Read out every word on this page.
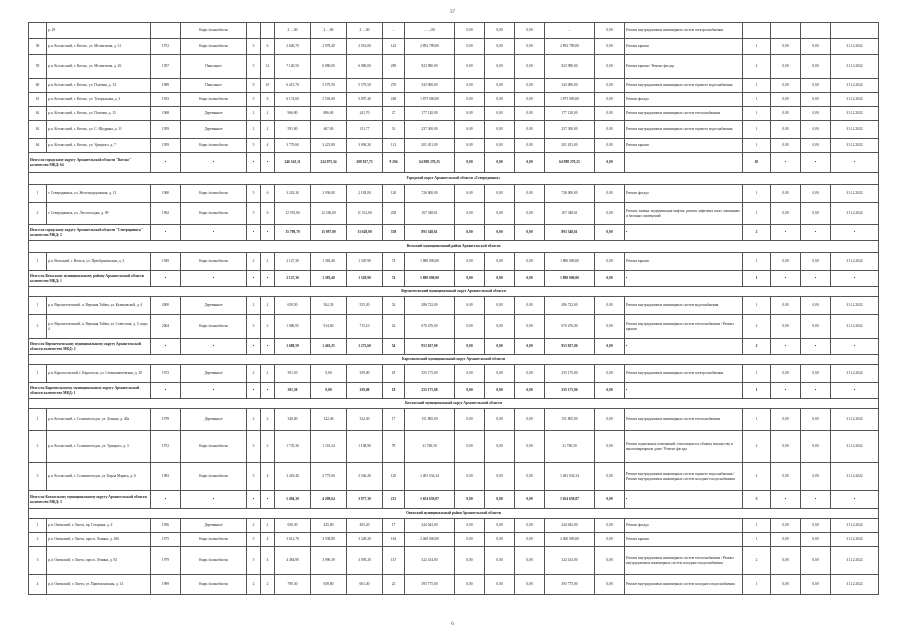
37
	р. 29		Кирп./шлакоблочн			2 ...,00	2 ...,00	2 ...,00	...	... ...,00	0,00	0,00	0,00	...	0,00	Ремонт внутридомовых инженерных систем электроснабжения				
58	р.п. Котласский, г. Котлас, ул. Мелентьева, д. 31	1972	Кирп./шлакоблочн	3	6	2 640,70	2 078,40	2 016,00	142	2 892 789,00	0,00	0,00	0,00	2 892 789,00	0,00	Ремонт крыши	1	0,00	0,00	31.12.2022
59	р.п. Котласский, г. Котлас, ул. Мелентьева, д. 26	1957	Панельное	5	12	7 140,50	6 080,00	6 080,00	289	923 980,00	0,00	0,00	0,00	923 980,00	0,00	Ремонт крыши / Ремонт фасада	2	0,00	0,00	31.12.2022
60	р.п. Котласский, г. Котлас, ул. Полевая, д. 14	1989	Панельное	9	10	6 415,70	5 579,50	5 579,50	270	343 000,00	0,00	0,00	0,00	343 000,00	0,00	Ремонт внутридомовых инженерных систем горячего водоснабжения	1	0,00	0,00	31.12.2022
61	р.п. Котласский, г. Котлас, ул. Театральная, д. 3	1953	Кирп./шлакоблочн	5	6	6 174,60	5 503,60	5 097,40	248	1 875 000,00	0,00	0,00	0,00	1 875 000,00	0,00	Ремонт фасада	1	0,00	0,00	31.12.2022
62	р.п. Котласский, г. Котлас, ул. Полевая, д. 15	1968	Деревянное	2	2	966,80	886,00	241,70	27	177 120,00	0,00	0,00	0,00	177 120,00	0,00	Ремонт внутридомовых инженерных систем теплоснабжения	1	0,00	0,00	31.12.2022
63	р.п. Котласский, г. Котлас, ул. С.-Щедрина, д. 11	1959	Деревянное	2	2	591,00	467,00	311,77	31	237 300,00	0,00	0,00	0,00	237 300,00	0,00	Ремонт внутридомовых инженерных систем горячего водоснабжения	1	0,00	0,00	31.12.2022
64	р.п. Котласский, г. Котлас, ул. Урицкого, д. 7	1959	Кирп./шлакоблочн	5	4	3 770,60	3 223,80	3 094,30	113	201 451,00	0,00	0,00	0,00	201 451,00	0,00	Ремонт крыши	1	0,00	0,00	31.12.2022
Итого по городскому округу Архангельской области "Котлас" количество МКД: 64		•	•	•	•	246 543,11	224 975,34	208 817,73	9 294	64 998 270,25	0,00	0,00	0,00	64 998 270,25	0,00		65	•	•	•
Городской округ Архангельской области «Северодвинск»																				
1	г. Северодвинск, ул. Железнодорожная, д. 13	1960	Кирп./шлакоблочн	5	6	3 243,30	2 936,00	2 182,00	120	726 000,00	0,00	0,00	0,00	726 000,00	0,00	Ремонт фасада	1	0,00	0,00	31.12.2022
2	г. Северодвинск, ул. Лесопосадки, д. 89	1962	Кирп./шлакоблочн	5	6	12 555,80	12 166,00	11 512,00	438	167 348,61	0,00	0,00	0,00	167 348,61	0,00	Ремонт, замена, модернизация лифтов, ремонт лифтовых шахт, машинных и блочных помещений	1	0,00	0,00	31.12.2022
Итого по городскому округу Архангельской области "Северодвинск" количество МКД: 2		•	•	•	•	15 798,70	15 097,00	13 628,00	558	893 348,61	0,00	0,00	0,00	893 348,61	0,00	•	2	•	•	•
Вельский муниципальный район Архангельской области																				
1	р.п. Вельский, г. Вельск, ул. Преображенская, д. 3	1949	Кирп./шлакоблочн	2	2	2 127,30	1 383,40	1 329,90	74	1 880 000,00	0,00	0,00	0,00	1 880 000,00	0,00	Ремонт крыши	1	0,00	0,00	31.12.2022
Итого по Вельскому муниципальному району Архангельской области количество МКД: 1		•	•	•	•	2 127,30	1 383,40	1 329,90	74	1 880 000,00	0,00	0,00	0,00	1 880 000,00	0,00	•	1	•	•	•
Верхнетоемский муниципальный округ Архангельской области																				
1	р.п. Верхнетоемский, п. Верхняя Тойма, ул. Куликовской, д. 4	2000	Деревянное	2	2	658,50	562,30	555,20	32	286 722,00	0,00	0,00	0,00	286 722,00	0,00	Ремонт внутридомовых инженерных систем водоснабжения	1	0,00	0,00	31.12.2022
2	р.п. Верхнетоемский, п. Верхняя Тойма, ул. Советская, д. 5, корп. 4	2004	Кирп./шлакоблочн	3	2	1 086,95	914,60	715,10	42	670 476,00	0,00	0,00	0,00	670 476,00	0,00	Ремонт внутридомовых инженерных систем теплоснабжения / Ремонт крыши	2	0,00	0,00	31.12.2022
Итого по Верхнетоемскому муниципальному округу Архангельской области количество МКД: 2		•	•	•	•	1 688,59	1 463,25	1 272,60	54	953 027,00	0,00	0,00	0,00	953 027,00	0,00	•	2	•	•	•
Каргопольский муниципальный округ Архангельской области																				
1	р.п. Каргопольский, г. Каргополь, ул. Семыгиничевская, д. 20	1972	Деревянное	2	2	391,50	0,00	359,00	18	255 175,00	0,00	0,00	0,00	255 175,00	0,00	Ремонт внутридомовых инженерных систем электроснабжения	1	0,00	0,00	31.12.2022
Итого по Каргопольскому муниципальному округу Архангельской области количество МКД: 1		•	•	•	•	391,50	0,00	359,00	18	255 175,00	0,00	0,00	0,00	255 175,00	0,00	•	1	•	•	•
Котласский муниципальный округ Архангельской области																				
1	р.п. Котласский, г. Сольвычегодск, ул. Ленина, д. 40а	1978	Деревянное	2	2	340,00	322,40	322,30	17	151 865,00	0,00	0,00	0,00	151 865,00	0,00	Ремонт внутридомовых инженерных систем теплоснабжения	1	0,00	0,00	31.12.2022
2	р.п. Котласский, г. Сольвычегодск, ул. Урицкого, д. 3	1972	Кирп./шлакоблочн	3	2	1 735,30	1 110,24	1 108,90	78	21 760,50	0,00	0,00	0,00	21 760,50	0,00	Ремонт подвальных помещений, относящихся к общему имуществу в многоквартирном доме / Ремонт фасада	2	0,00	0,00	31.12.2022
3	р.п. Котласский, г. Сольвычегодск, ул. Карла Маркса, д. 6	1983	Кирп./шлакоблочн	5	4	3 418,40	2 775,00	2 546,20	120	1 481 034,34	0,00	0,00	0,00	1 481 034,34	0,00	Ремонт внутридомовых инженерных систем горячего водоснабжения / Ремонт внутридомовых инженерных систем холодного водоснабжения	2	0,00	0,00	31.12.2022
Итого по Котласскому муниципальному округу Архангельской области количество МКД: 3		•	•	•	•	5 494,39	4 208,64	3 977,30	215	1 654 659,87	0,00	0,00	0,00	1 654 659,87	0,00	•	5	•	•	•
Онежский муниципальный район Архангельской области																				
1	р.п. Онежский, г. Онега, пр. Гагарина, д. 4	1956	Деревянное	2	2	650,30	425,80	405,20	17	244 043,00	0,00	0,00	0,00	244 043,00	0,00	Ремонт фасада	1	0,00	0,00	31.12.2022
2	р.п. Онежский, г. Онега, просп. Ленина, д. 186	1975	Кирп./шлакоблочн	5	4	3 612,70	3 338,80	3 328,20	164	2 460 000,00	0,00	0,00	0,00	2 460 000,00	0,00	Ремонт крыши	1	0,00	0,00	31.12.2022
3	р.п. Онежский, г. Онега, просп. Ленина, д. 92	1979	Кирп./шлакоблочн	5	4	4 484,80	3 096,39	3 095,20	147	322 414,00	0,00	0,00	0,00	322 414,00	0,00	Ремонт внутридомовых инженерных систем теплоснабжения / Ремонт внутридомовых инженерных систем холодного водоснабжения	2	0,00	0,00	31.12.2022
4	р.п. Онежский, г. Онега, ул. Привокзальная, д. 14	1989	Кирп./шлакоблочн	2	2	790,30	658,80	661,40	22	393 775,00	0,00	0,00	0,00	393 775,00	0,00	Ремонт внутридомовых инженерных систем холодного водоснабжения	1	0,00	0,00	31.12.2022
6
